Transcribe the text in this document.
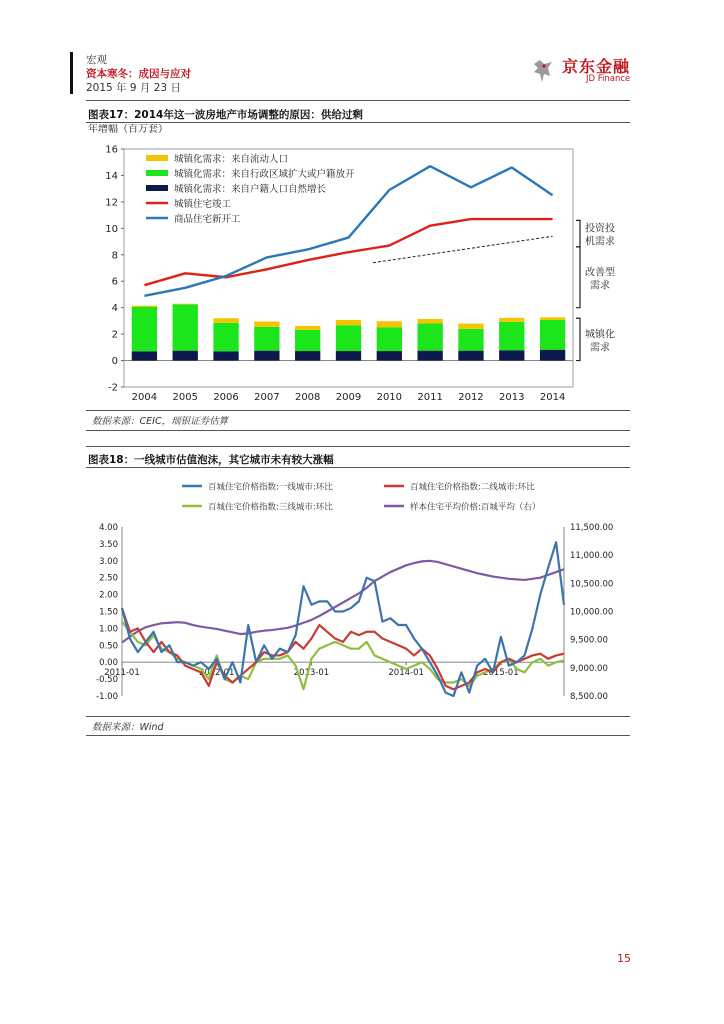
宏观
资本寒冬：成因与应对
2015 年 9 月 23 日
京东金融
JD Finance
图表17：2014年这一波房地产市场调整的原因：供给过剩
年增幅（百万套）
-2
0
2
4
6
8
10
12
14
16
2004 2005 2006 2007 2008 2009 2010 2011 2012 2013 2014
城镇化需求：来自流动人口
城镇化需求：来自行政区域扩大或户籍放开
城镇化需求：来自户籍人口自然增长
城镇住宅竣工
商品住宅新开工
投资投
机需求
改善型
需求
城镇化
需求
数据来源：CEIC，瑞银证券估算
图表18：一线城市估值泡沫，其它城市未有较大涨幅
百城住宅价格指数:一线城市:环比	百城住宅价格指数:二线城市:环比
百城住宅价格指数:三线城市:环比	样本住宅平均价格:百城平均（右）
4.00
3.50
3.00
2.50
2.00
1.50
1.00
0.50
0.00
-0.50
-1.00
11,500.00
11,000.00
10,500.00
10,000.00
9,500.00
9,000.00
8,500.00
2011-01	2012-01	2013-01	2014-01	2015-01
数据来源：Wind
15
